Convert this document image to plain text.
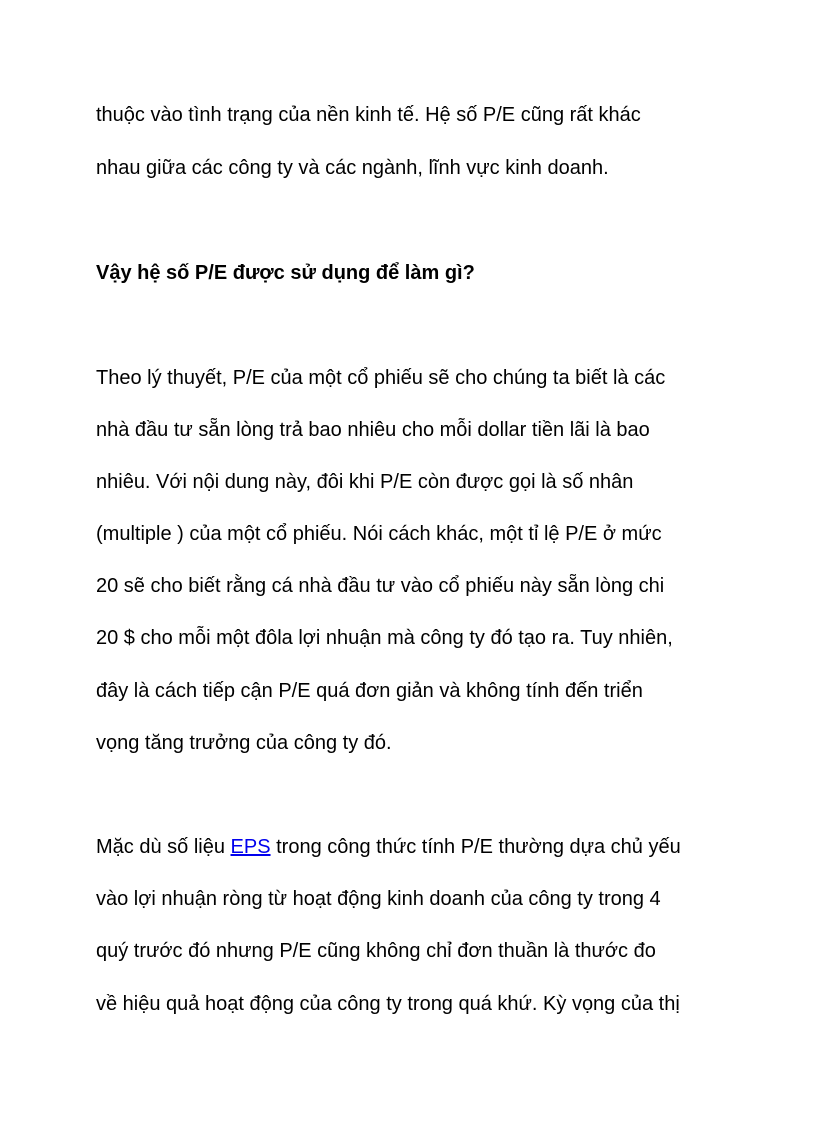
thuộc vào tình trạng của nền kinh tế. Hệ số P/E cũng rất khác
nhau giữa các công ty và các ngành, lĩnh vực kinh doanh.
Vậy hệ số P/E được sử dụng để làm gì?
Theo lý thuyết, P/E của một cổ phiếu sẽ cho chúng ta biết là các
nhà đầu tư sẵn lòng trả bao nhiêu cho mỗi dollar tiền lãi là bao
nhiêu. Với nội dung này, đôi khi P/E còn được gọi là số nhân
(multiple ) của một cổ phiếu. Nói cách khác, một tỉ lệ P/E ở mức
20 sẽ cho biết rằng cá nhà đầu tư vào cổ phiếu này sẵn lòng chi
20 $ cho mỗi một đôla lợi nhuận mà công ty đó tạo ra. Tuy nhiên,
đây là cách tiếp cận P/E quá đơn giản và không tính đến triển
vọng tăng trưởng của công ty đó.
Mặc dù số liệu EPS trong công thức tính P/E thường dựa chủ yếu
vào lợi nhuận ròng từ hoạt động kinh doanh của công ty trong 4
quý trước đó nhưng P/E cũng không chỉ đơn thuần là thước đo
về hiệu quả hoạt động của công ty trong quá khứ. Kỳ vọng của thị
